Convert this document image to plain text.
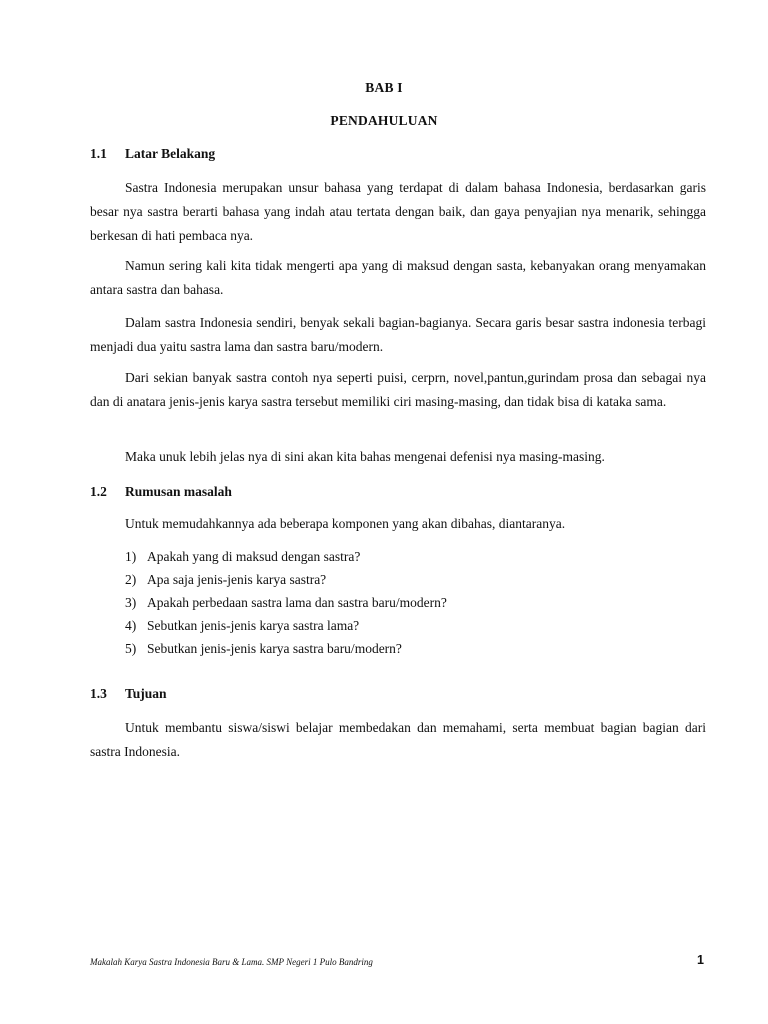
BAB I
PENDAHULUAN
1.1 Latar Belakang

Sastra Indonesia merupakan unsur bahasa yang terdapat di dalam bahasa Indonesia, berdasarkan garis besar nya sastra berarti bahasa yang indah atau tertata dengan baik, dan gaya penyajian nya menarik, sehingga berkesan di hati pembaca nya.

Namun sering kali kita tidak mengerti apa yang di maksud dengan sasta, kebanyakan orang menyamakan antara sastra dan bahasa.

Dalam sastra Indonesia sendiri, benyak sekali bagian-bagianya. Secara garis besar sastra indonesia terbagi menjadi dua yaitu sastra lama dan sastra baru/modern.

Dari sekian banyak sastra contoh nya seperti puisi, cerprn, novel,pantun,gurindam prosa dan sebagai nya dan di anatara jenis-jenis karya sastra tersebut memiliki ciri masing-masing, dan tidak bisa di kataka sama.

Maka unuk lebih jelas nya di sini akan kita bahas mengenai defenisi nya masing-masing.

1.2 Rumusan masalah
Untuk memudahkannya ada beberapa komponen yang akan dibahas, diantaranya.
1) Apakah yang di maksud dengan sastra?
2) Apa saja jenis-jenis karya sastra?
3) Apakah perbedaan sastra lama dan sastra baru/modern?
4) Sebutkan jenis-jenis karya sastra lama?
5) Sebutkan jenis-jenis karya sastra baru/modern?
1.3 Tujuan

Untuk membantu siswa/siswi belajar membedakan dan memahami, serta membuat bagian bagian dari sastra Indonesia.

Makalah Karya Sastra Indonesia Baru & Lama. SMP Negeri 1 Pulo Bandring	1
